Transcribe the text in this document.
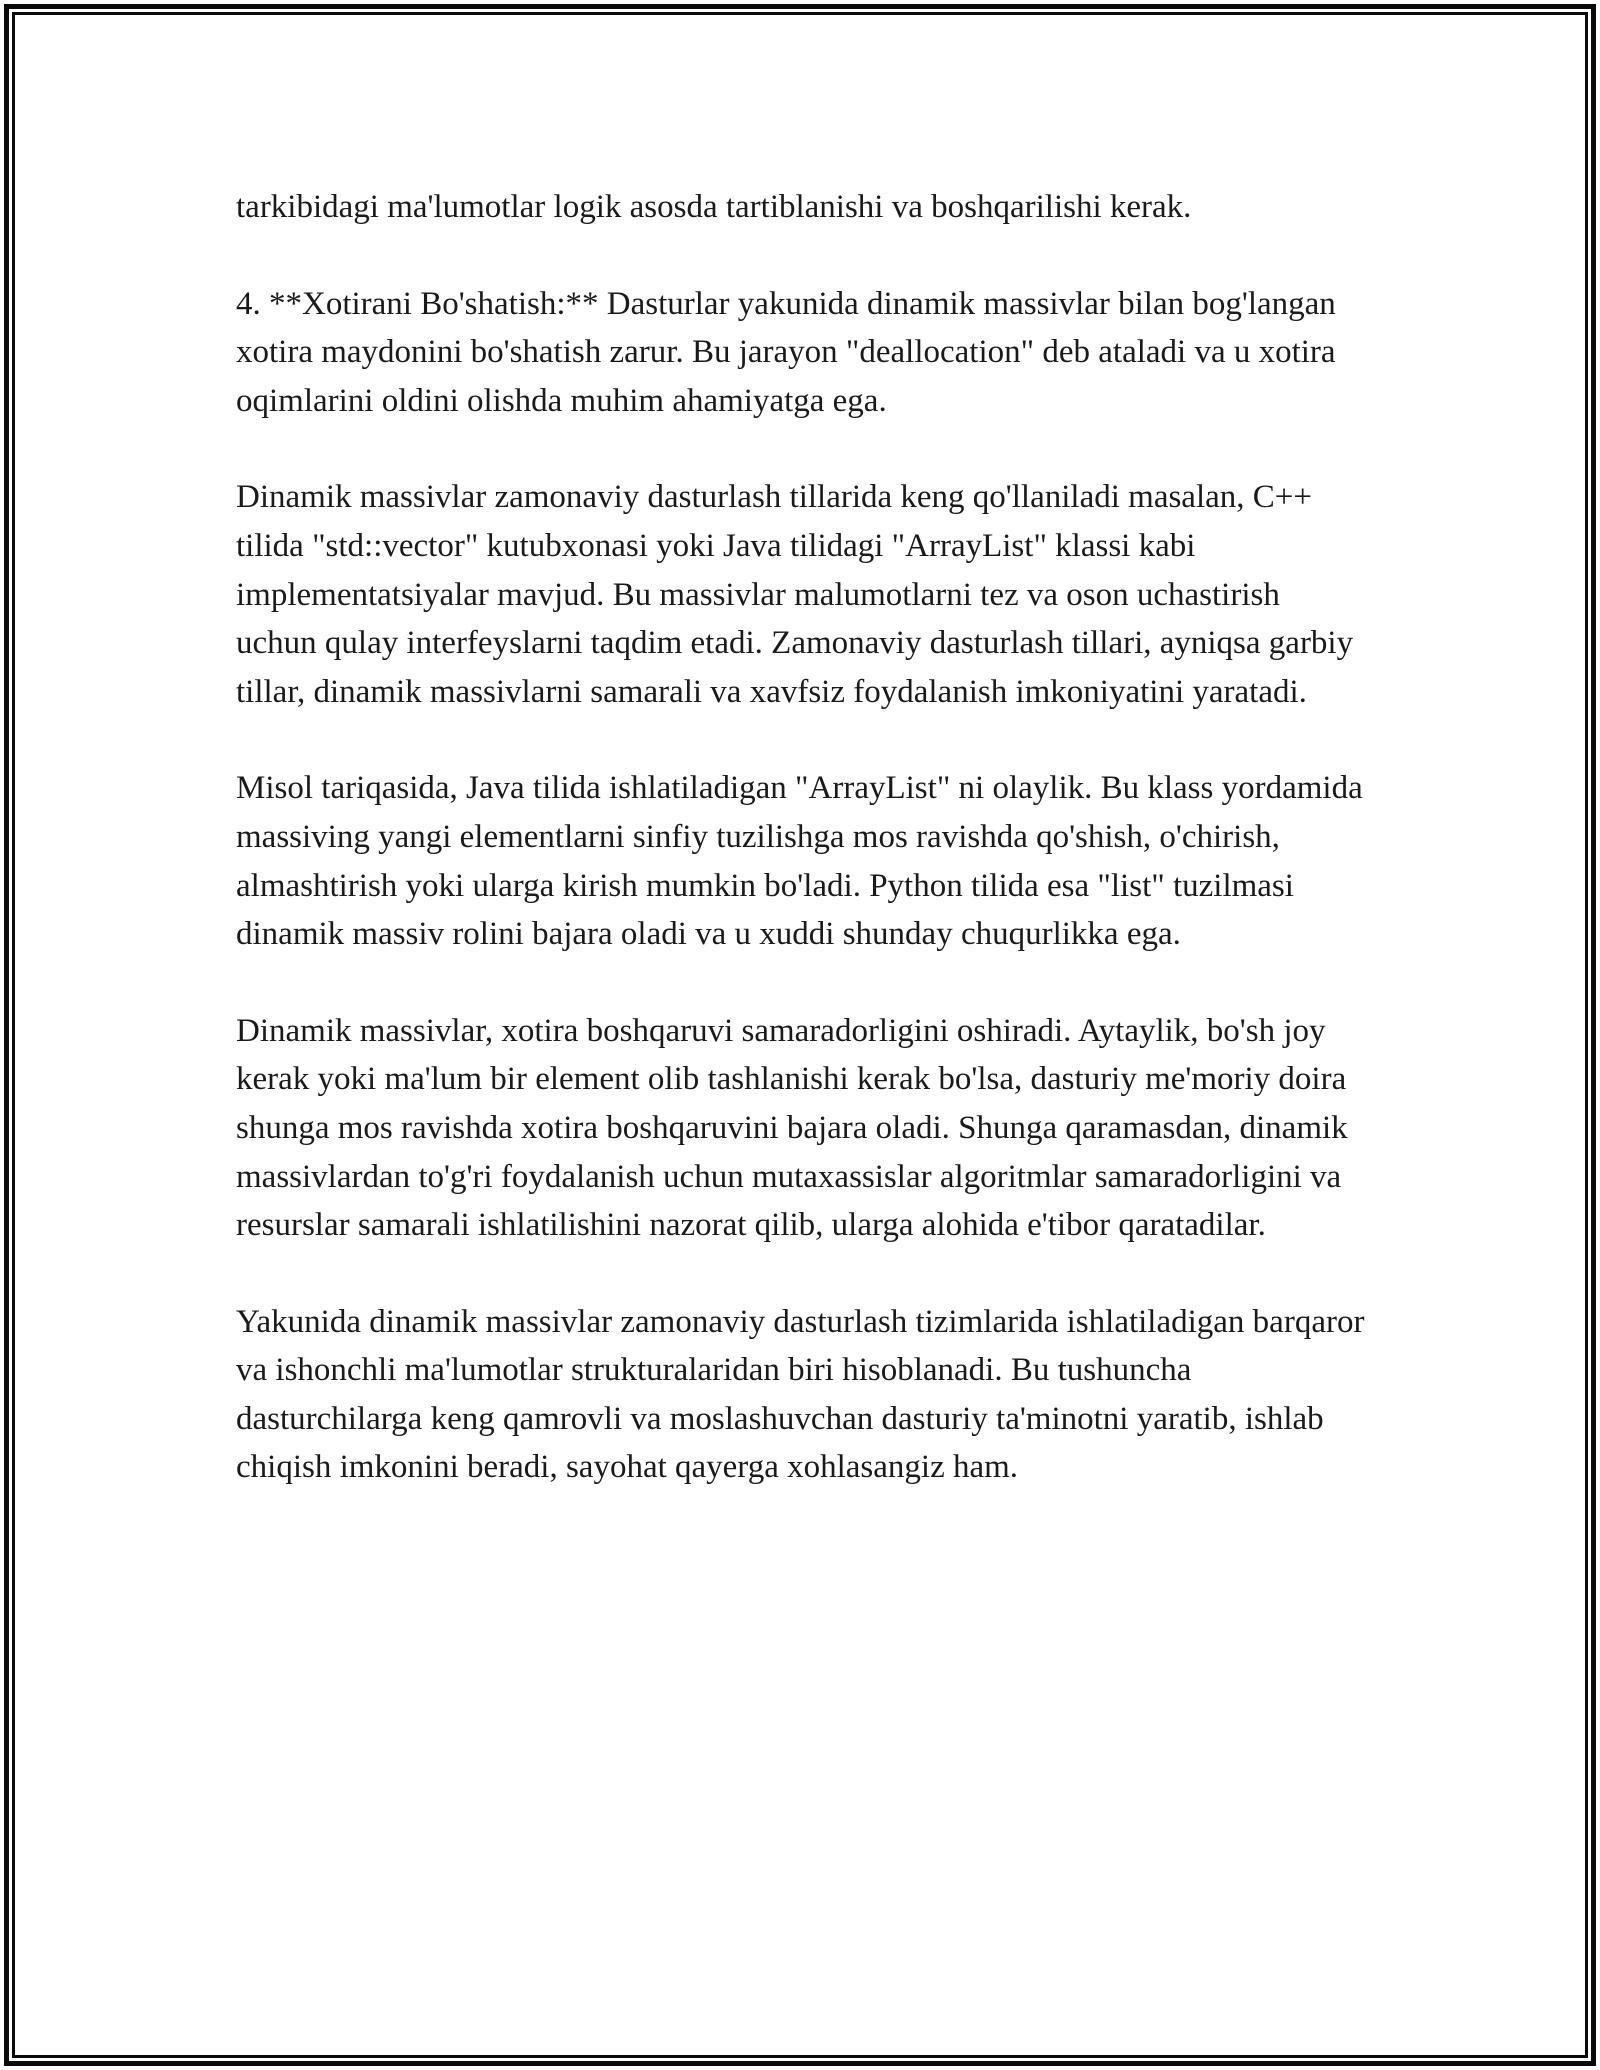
tarkibidagi ma'lumotlar logik asosda tartiblanishi va boshqarilishi kerak.

4. **Xotirani Bo'shatish:** Dasturlar yakunida dinamik massivlar bilan bog'langan xotira maydonini bo'shatish zarur. Bu jarayon "deallocation" deb ataladi va u xotira oqimlarini oldini olishda muhim ahamiyatga ega.

Dinamik massivlar zamonaviy dasturlash tillarida keng qo'llaniladi masalan, C++ tilida "std::vector" kutubxonasi yoki Java tilidagi "ArrayList" klassi kabi implementatsiyalar mavjud. Bu massivlar malumotlarni tez va oson uchastirish uchun qulay interfeyslarni taqdim etadi. Zamonaviy dasturlash tillari, ayniqsa garbiy tillar, dinamik massivlarni samarali va xavfsiz foydalanish imkoniyatini yaratadi.

Misol tariqasida, Java tilida ishlatiladigan "ArrayList" ni olaylik. Bu klass yordamida massiving yangi elementlarni sinfiy tuzilishga mos ravishda qo'shish, o'chirish, almashtirish yoki ularga kirish mumkin bo'ladi. Python tilida esa "list" tuzilmasi dinamik massiv rolini bajara oladi va u xuddi shunday chuqurlikka ega.

Dinamik massivlar, xotira boshqaruvi samaradorligini oshiradi. Aytaylik, bo'sh joy kerak yoki ma'lum bir element olib tashlanishi kerak bo'lsa, dasturiy me'moriy doira shunga mos ravishda xotira boshqaruvini bajara oladi. Shunga qaramasdan, dinamik massivlardan to'g'ri foydalanish uchun mutaxassislar algoritmlar samaradorligini va resurslar samarali ishlatilishini nazorat qilib, ularga alohida e'tibor qaratadilar.

Yakunida dinamik massivlar zamonaviy dasturlash tizimlarida ishlatiladigan barqaror va ishonchli ma'lumotlar strukturalaridan biri hisoblanadi. Bu tushuncha dasturchilarga keng qamrovli va moslashuvchan dasturiy ta'minotni yaratib, ishlab chiqish imkonini beradi, sayohat qayerga xohlasangiz ham.
